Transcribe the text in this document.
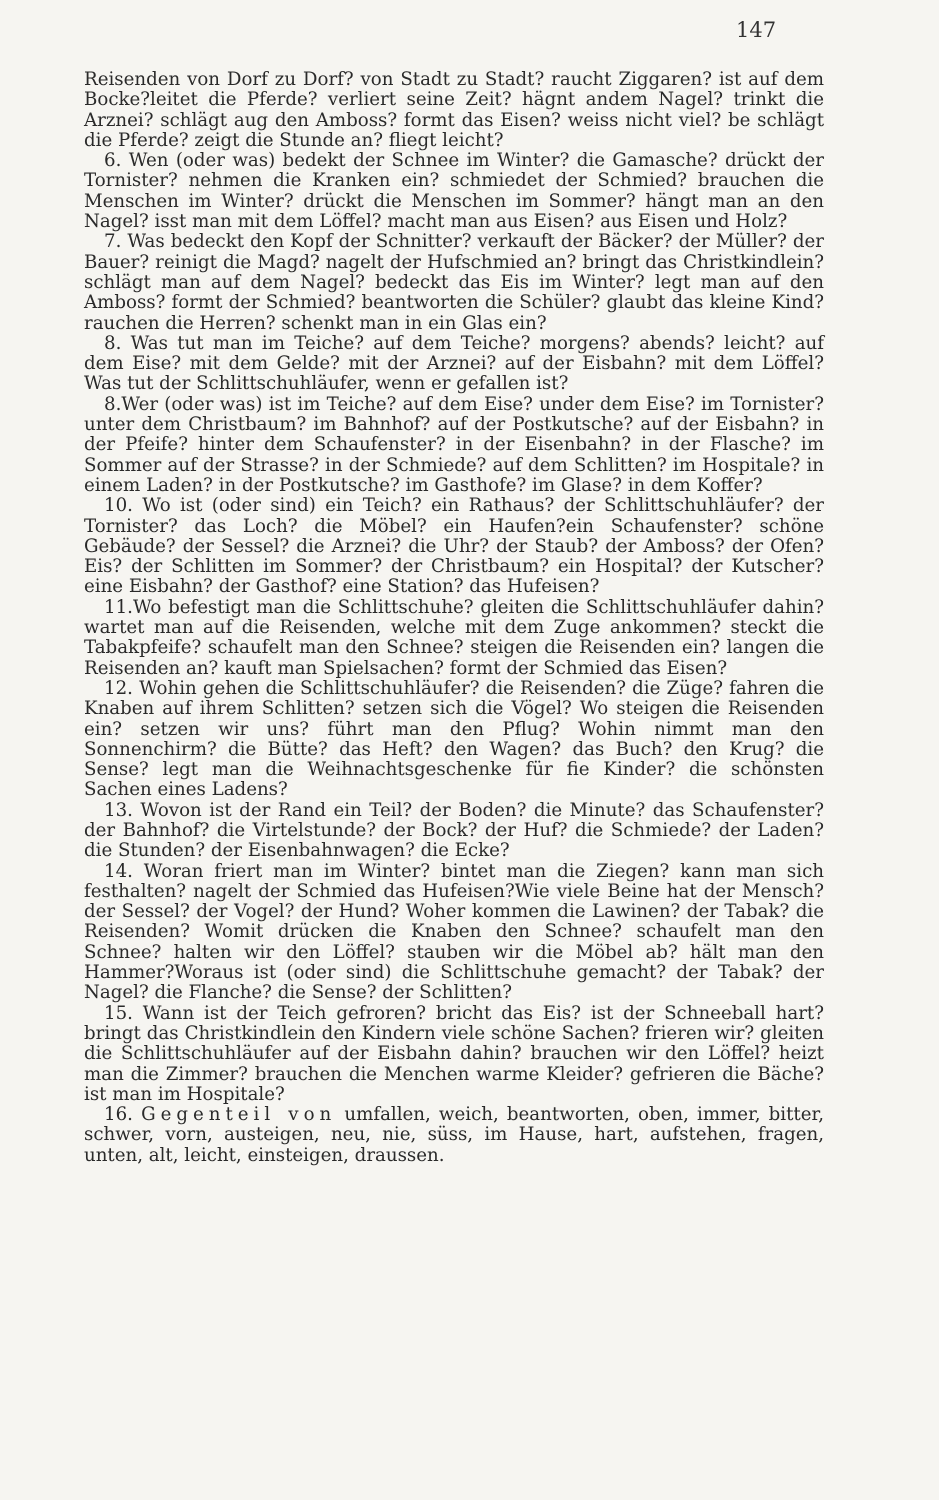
147

Reisenden von Dorf zu Dorf? von Stadt zu Stadt? raucht Ziggaren? ist auf dem Bocke?leitet die Pferde? verliert seine Zeit? hägnt andem Nagel? trinkt die Arznei? schlägt aug den Amboss? formt das Eisen? weiss nicht viel? be schlägt die Pferde? zeigt die Stunde an? fliegt leicht?

6. Wen (oder was) bedekt der Schnee im Winter? die Gamasche? drückt der Tornister? nehmen die Kranken ein? schmiedet der Schmied? brauchen die Menschen im Winter? drückt die Menschen im Sommer? hängt man an den Nagel? isst man mit dem Löffel? macht man aus Eisen? aus Eisen und Holz?

7. Was bedeckt den Kopf der Schnitter? verkauft der Bäcker? der Müller? der Bauer? reinigt die Magd? nagelt der Hufschmied an? bringt das Christkindlein? schlägt man auf dem Nagel? bedeckt das Eis im Winter? legt man auf den Amboss? formt der Schmied? beantworten die Schüler? glaubt das kleine Kind? rauchen die Herren? schenkt man in ein Glas ein?

8. Was tut man im Teiche? auf dem Teiche? morgens? abends? leicht? auf dem Eise? mit dem Gelde? mit der Arznei? auf der Eisbahn? mit dem Löffel?Was tut der Schlittschuhläufer, wenn er gefallen ist?

8.Wer (oder was) ist im Teiche? auf dem Eise? under dem Eise? im Tornister? unter dem Christbaum? im Bahnhof? auf der Postkutsche? auf der Eisbahn? in der Pfeife? hinter dem Schaufenster? in der Eisenbahn? in der Flasche? im Sommer auf der Strasse? in der Schmiede? auf dem Schlitten? im Hospitale? in einem Laden? in der Postkutsche? im Gasthofe? im Glase? in dem Koffer?

10. Wo ist (oder sind) ein Teich? ein Rathaus? der Schlittschuhläufer? der Tornister? das Loch? die Möbel? ein Haufen?ein Schaufenster? schöne Gebäude? der Sessel? die Arznei? die Uhr? der Staub? der Amboss? der Ofen? Eis? der Schlitten im Sommer? der Christbaum? ein Hospital? der Kutscher? eine Eisbahn? der Gasthof? eine Station? das Hufeisen?

11.Wo befestigt man die Schlittschuhe? gleiten die Schlittschuhläufer dahin? wartet man auf die Reisenden, welche mit dem Zuge ankommen? steckt die Tabakpfeife? schaufelt man den Schnee? steigen die Reisenden ein? langen die Reisenden an? kauft man Spielsachen? formt der Schmied das Eisen?

12. Wohin gehen die Schlittschuhläufer? die Reisenden? die Züge? fahren die Knaben auf ihrem Schlitten? setzen sich die Vögel? Wo steigen die Reisenden ein? setzen wir uns? führt man den Pflug? Wohin nimmt man den Sonnenchirm? die Bütte? das Heft? den Wagen? das Buch? den Krug? die Sense? legt man die Weihnachtsgeschenke für fie Kinder? die schönsten Sachen eines Ladens?

13. Wovon ist der Rand ein Teil? der Boden? die Minute? das Schaufenster? der Bahnhof? die Virtelstunde? der Bock? der Huf? die Schmiede? der Laden? die Stunden? der Eisenbahnwagen? die Ecke?

14. Woran friert man im Winter? bintet man die Ziegen? kann man sich festhalten? nagelt der Schmied das Hufeisen?Wie viele Beine hat der Mensch? der Sessel? der Vogel? der Hund? Woher kommen die Lawinen? der Tabak? die Reisenden? Womit drücken die Knaben den Schnee? schaufelt man den Schnee? halten wir den Löffel? stauben wir die Möbel ab? hält man den Hammer?Woraus ist (oder sind) die Schlittschuhe gemacht? der Tabak? der Nagel? die Flanche? die Sense? der Schlitten?

15. Wann ist der Teich gefroren? bricht das Eis? ist der Schneeball hart? bringt das Christkindlein den Kindern viele schöne Sachen? frieren wir? gleiten die Schlittschuhläufer auf der Eisbahn dahin? brauchen wir den Löffel? heizt man die Zimmer? brauchen die Menchen warme Kleider? gefrieren die Bäche? ist man im Hospitale?

16. Gegenteil von umfallen, weich, beantworten, oben, immer, bitter, schwer, vorn, austeigen, neu, nie, süss, im Hause, hart, aufstehen, fragen, unten, alt, leicht, einsteigen, draussen.
